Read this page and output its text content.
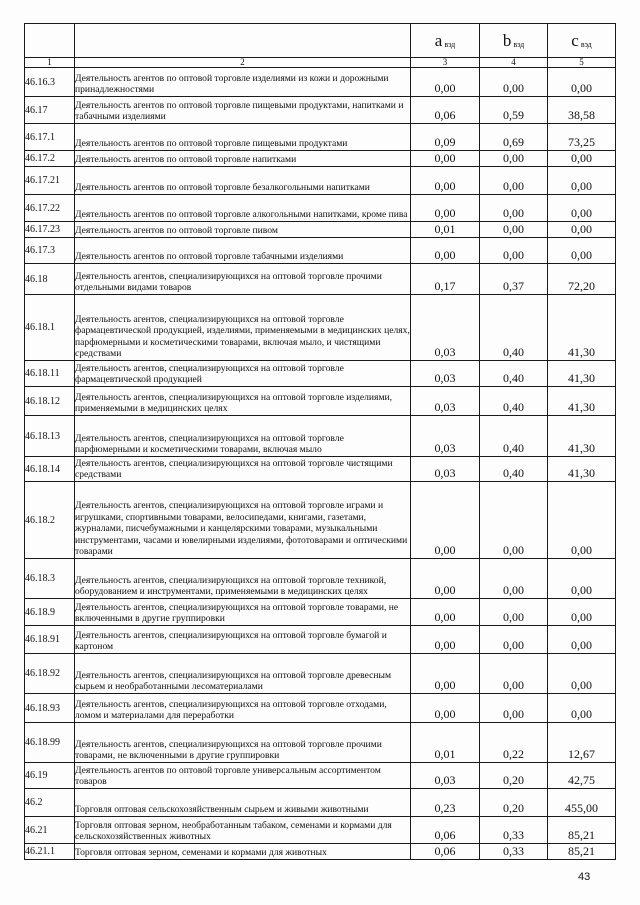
		a вэд	b вэд	c вэд
1	2	3	4	5
46.16.3	Деятельность агентов по оптовой торговле изделиями из кожи и дорожными принадлежностями	0,00	0,00	0,00
46.17	Деятельность агентов по оптовой торговле пищевыми продуктами, напитками и табачными изделиями	0,06	0,59	38,58
46.17.1	Деятельность агентов по оптовой торговле пищевыми продуктами	0,09	0,69	73,25
46.17.2	Деятельность агентов по оптовой торговле напитками	0,00	0,00	0,00
46.17.21	Деятельность агентов по оптовой торговле безалкогольными напитками	0,00	0,00	0,00
46.17.22	Деятельность агентов по оптовой торговле алкогольными напитками, кроме пива	0,00	0,00	0,00
46.17.23	Деятельность агентов по оптовой торговле пивом	0,01	0,00	0,00
46.17.3	Деятельность агентов по оптовой торговле табачными изделиями	0,00	0,00	0,00
46.18	Деятельность агентов, специализирующихся на оптовой торговле прочими отдельными видами товаров	0,17	0,37	72,20
46.18.1	Деятельность агентов, специализирующихся на оптовой торговле фармацевтической продукцией, изделиями, применяемыми в медицинских целях, парфюмерными и косметическими товарами, включая мыло, и чистящими средствами	0,03	0,40	41,30
46.18.11	Деятельность агентов, специализирующихся на оптовой торговле фармацевтической продукцией	0,03	0,40	41,30
46.18.12	Деятельность агентов, специализирующихся на оптовой торговле изделиями, применяемыми в медицинских целях	0,03	0,40	41,30
46.18.13	Деятельность агентов, специализирующихся на оптовой торговле парфюмерными и косметическими товарами, включая мыло	0,03	0,40	41,30
46.18.14	Деятельность агентов, специализирующихся на оптовой торговле чистящими средствами	0,03	0,40	41,30
46.18.2	Деятельность агентов, специализирующихся на оптовой торговле играми и игрушками, спортивными товарами, велосипедами, книгами, газетами, журналами, писчебумажными и канцелярскими товарами, музыкальными инструментами, часами и ювелирными изделиями, фототоварами и оптическими товарами	0,00	0,00	0,00
46.18.3	Деятельность агентов, специализирующихся на оптовой торговле техникой, оборудованием и инструментами, применяемыми в медицинских целях	0,00	0,00	0,00
46.18.9	Деятельность агентов, специализирующихся на оптовой торговле товарами, не включенными в другие группировки	0,00	0,00	0,00
46.18.91	Деятельность агентов, специализирующихся на оптовой торговле бумагой и картоном	0,00	0,00	0,00
46.18.92	Деятельность агентов, специализирующихся на оптовой торговле древесным сырьем и необработанными лесоматериалами	0,00	0,00	0,00
46.18.93	Деятельность агентов, специализирующихся на оптовой торговле отходами, ломом и материалами для переработки	0,00	0,00	0,00
46.18.99	Деятельность агентов, специализирующихся на оптовой торговле прочими товарами, не включенными в другие группировки	0,01	0,22	12,67
46.19	Деятельность агентов по оптовой торговле универсальным ассортиментом товаров	0,03	0,20	42,75
46.2	Торговля оптовая сельскохозяйственным сырьем и живыми животными	0,23	0,20	455,00
46.21	Торговля оптовая зерном, необработанным табаком, семенами и кормами для сельскохозяйственных животных	0,06	0,33	85,21
46.21.1	Торговля оптовая зерном, семенами и кормами для животных	0,06	0,33	85,21
43
